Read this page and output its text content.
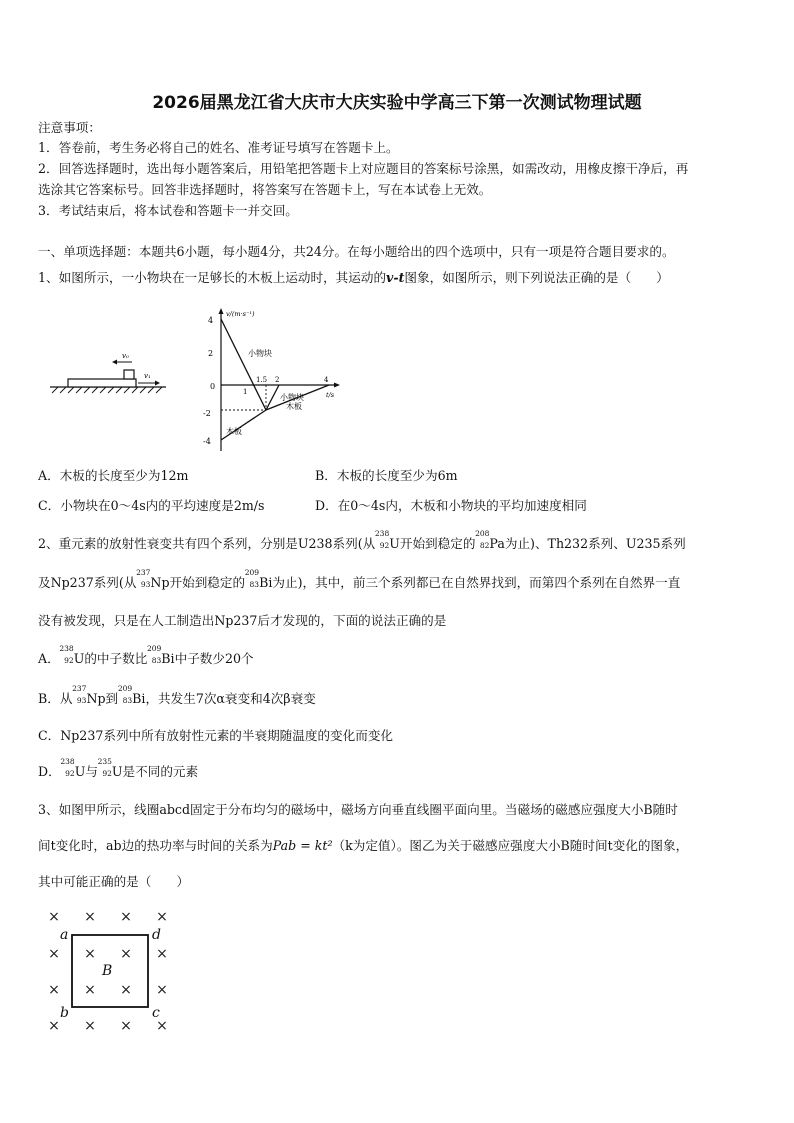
2026届黑龙江省大庆市大庆实验中学高三下第一次测试物理试题
注意事项：
1．答卷前，考生务必将自己的姓名、准考证号填写在答题卡上。
2．回答选择题时，选出每小题答案后，用铅笔把答题卡上对应题目的答案标号涂黑，如需改动，用橡皮擦干净后，再
选涂其它答案标号。回答非选择题时，将答案写在答题卡上，写在本试卷上无效。
3．考试结束后，将本试卷和答题卡一并交回。
一、单项选择题：本题共6小题，每小题4分，共24分。在每小题给出的四个选项中，只有一项是符合题目要求的。
1、如图所示，一小物块在一足够长的木板上运动时，其运动的v-t图象，如图所示，则下列说法正确的是（　　）
v₀
v₁
v/(m·s⁻¹)
t/s
4
2
0
-2
-4
1
1.5 2	4
小物块
小物块
木板
木板
A．木板的长度至少为12m	B．木板的长度至少为6m
C．小物块在0～4s内的平均速度是2m/s	D．在0～4s内，木板和小物块的平均加速度相同
2、重元素的放射性衰变共有四个系列，分别是U238系列(从
238
92 U开始到稳定的
208
82 Pa为止)、Th232系列、U235系列
及Np237系列(从
237
93 Np开始到稳定的
209
83 Bi为止)，其中，前三个系列都已在自然界找到，而第四个系列在自然界一直
没有被发现，只是在人工制造出Np237后才发现的，下面的说法正确的是
A．
238
92 U的中子数比
209
83 Bi中子数少20个
B．从
237
93 Np到
209
83 Bi，共发生7次α衰变和4次β衰变
C．Np237系列中所有放射性元素的半衰期随温度的变化而变化
D．
238
92 U与
235
92 U是不同的元素
3、如图甲所示，线圈abcd固定于分布均匀的磁场中，磁场方向垂直线圈平面向里。当磁场的磁感应强度大小B随时
间t变化时，ab边的热功率与时间的关系为Pab = kt²（k为定值）。图乙为关于磁感应强度大小B随时间t变化的图象，
其中可能正确的是（　　）
× × × ×
× × × ×
× × × ×
× × × ×
a
b	c
d
B
